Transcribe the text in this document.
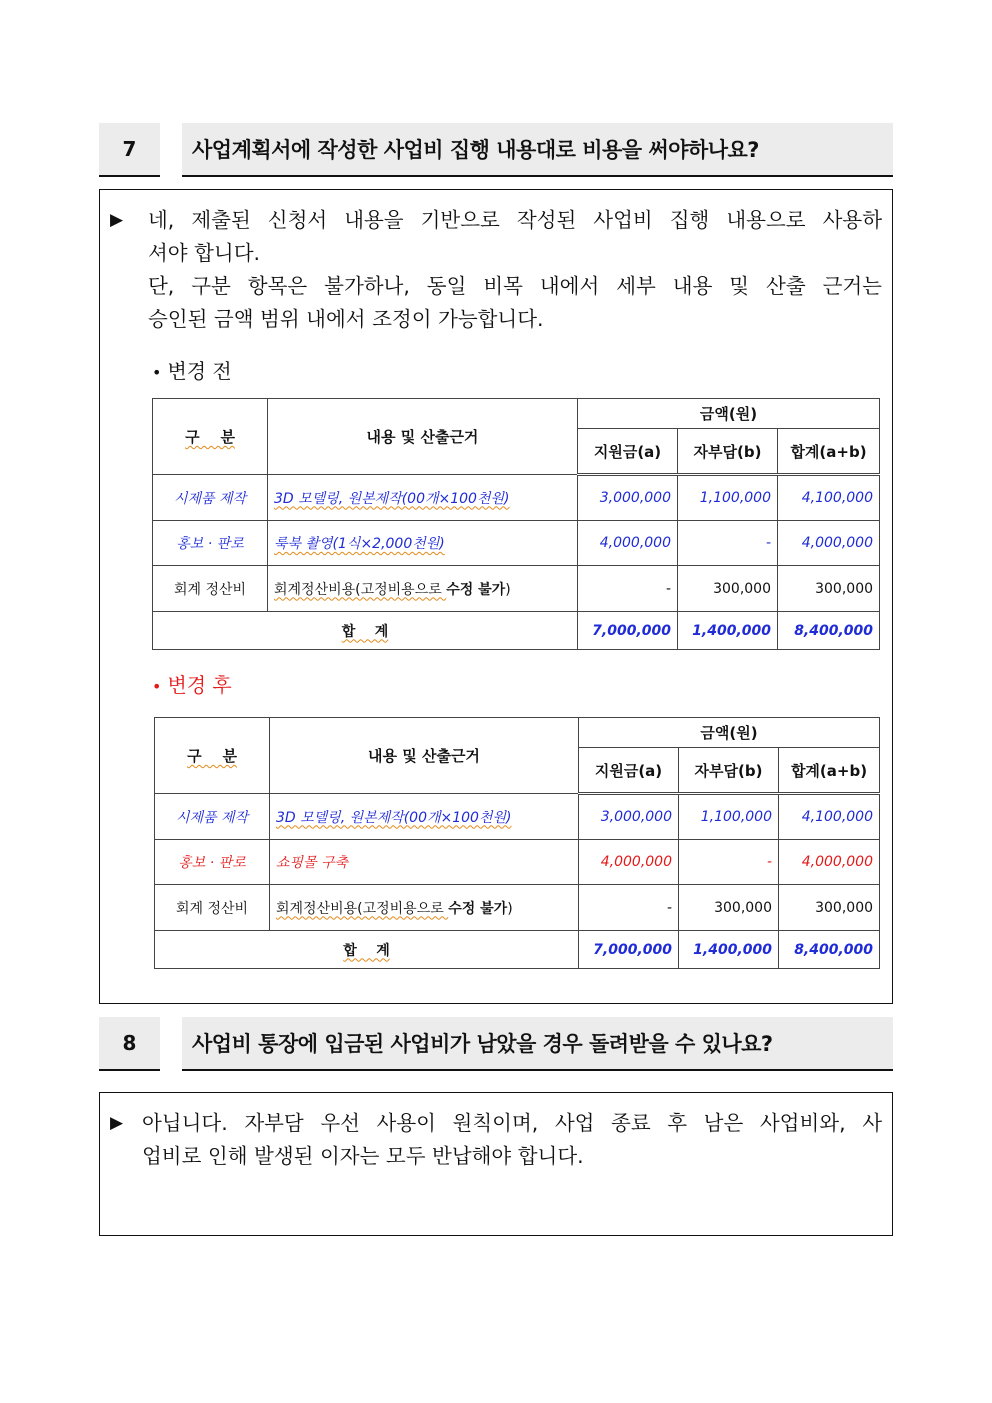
7	사업계획서에 작성한 사업비 집행 내용대로 비용을 써야하나요?
▶ 네, 제출된 신청서 내용을 기반으로 작성된 사업비 집행 내용으로 사용하
셔야 합니다.
단, 구분 항목은 불가하나, 동일 비목 내에서 세부 내용 및 산출 근거는
승인된 금액 범위 내에서 조정이 가능합니다.
• 변경 전
구    분	내용 및 산출근거	금액(원)		
		지원금(a)	자부담(b)	합계(a+b)
시제품 제작	3D 모델링, 원본제작(00개×100천원)	3,000,000	1,100,000	4,100,000
홍보 · 판로	룩북 촬영(1식×2,000천원)	4,000,000	-	4,000,000
회계 정산비	회계정산비용(고정비용으로 수정 불가)	-	300,000	300,000
합    계		7,000,000	1,400,000	8,400,000
• 변경 후
구    분	내용 및 산출근거	금액(원)		
		지원금(a)	자부담(b)	합계(a+b)
시제품 제작	3D 모델링, 원본제작(00개×100천원)	3,000,000	1,100,000	4,100,000
홍보 · 판로	쇼핑몰 구축	4,000,000	-	4,000,000
회계 정산비	회계정산비용(고정비용으로 수정 불가)	-	300,000	300,000
합    계		7,000,000	1,400,000	8,400,000
8	사업비 통장에 입금된 사업비가 남았을 경우 돌려받을 수 있나요?
▶ 아닙니다. 자부담 우선 사용이 원칙이며, 사업 종료 후 남은 사업비와, 사
업비로 인해 발생된 이자는 모두 반납해야 합니다.
